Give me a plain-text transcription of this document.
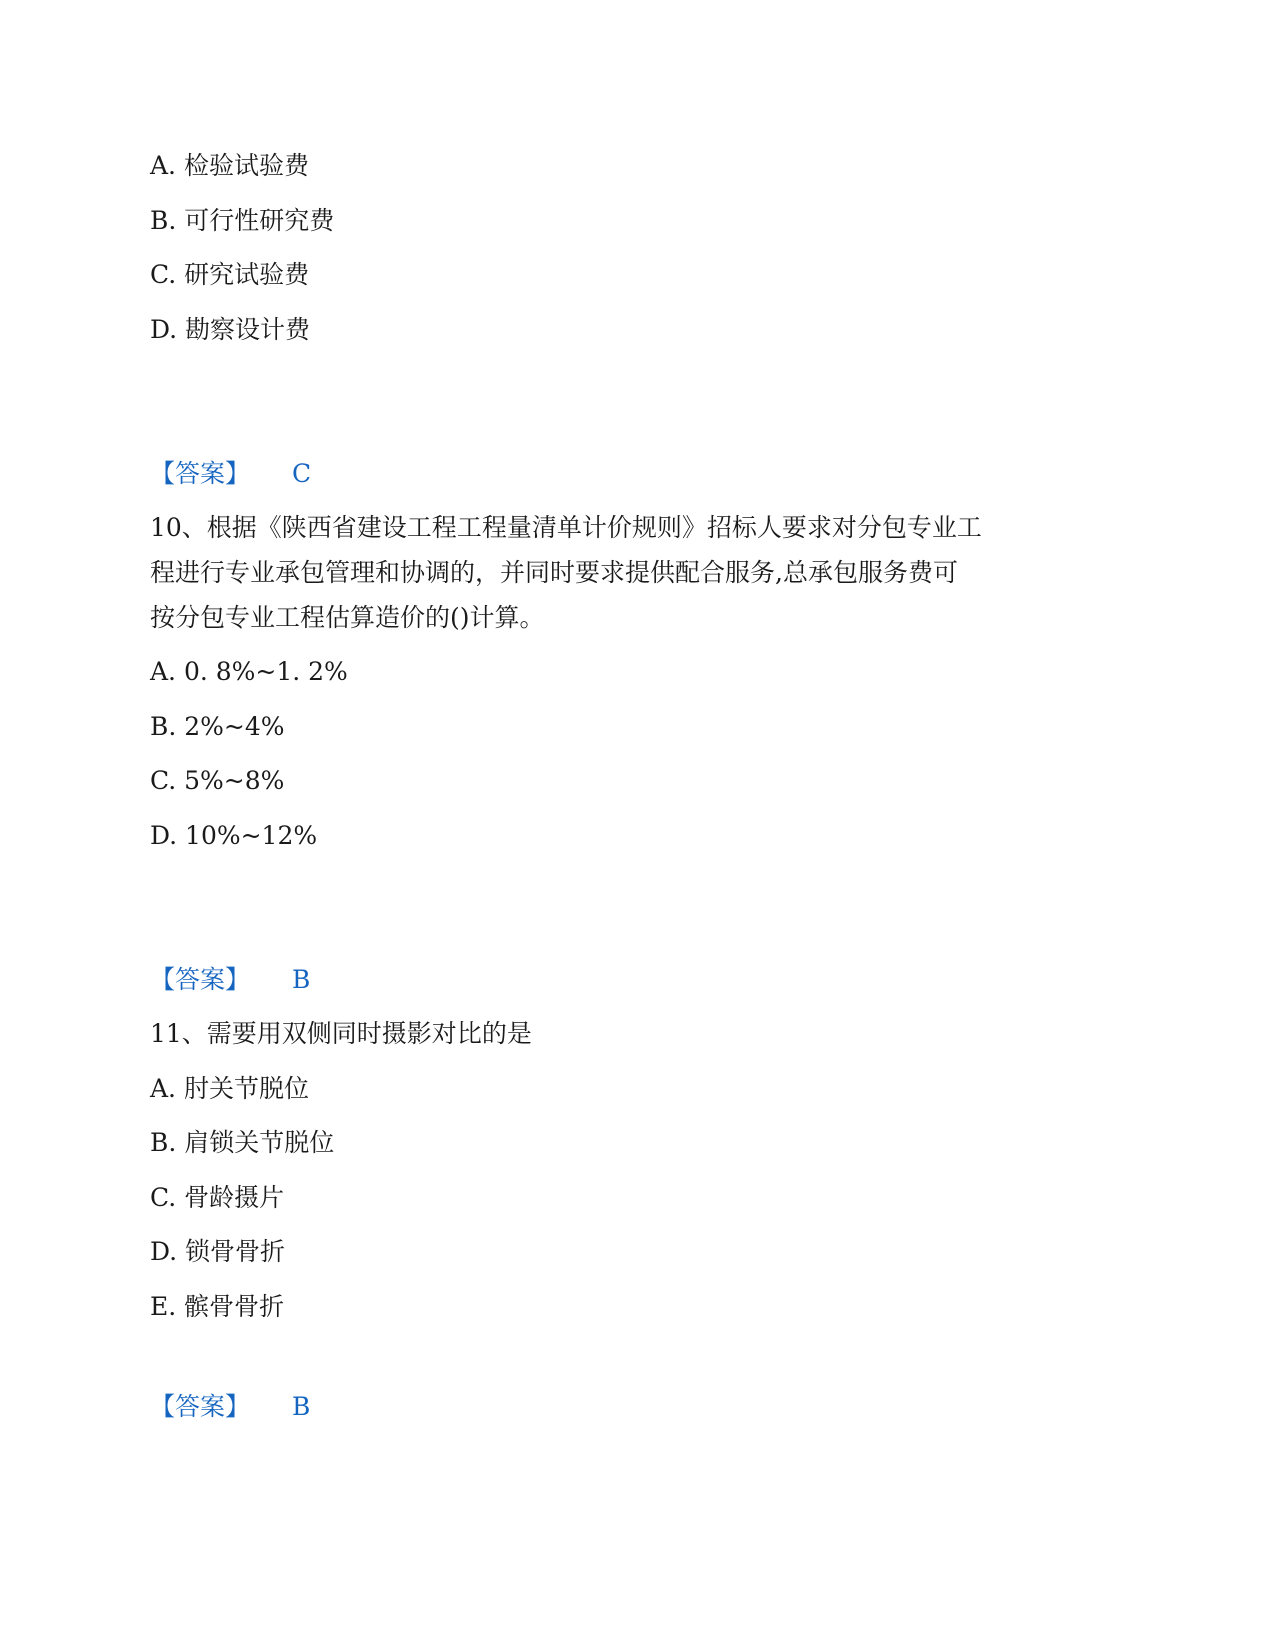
A. 检验试验费
B. 可行性研究费
C. 研究试验费
D. 勘察设计费
【答案】 C
10、根据《陕西省建设工程工程量清单计价规则》招标人要求对分包专业工
程进行专业承包管理和协调的，并同时要求提供配合服务,总承包服务费可
按分包专业工程估算造价的()计算。
A. 0. 8%~1. 2%
B. 2%~4%
C. 5%~8%
D. 10%~12%
【答案】 B
11、需要用双侧同时摄影对比的是
A. 肘关节脱位
B. 肩锁关节脱位
C. 骨龄摄片
D. 锁骨骨折
E. 髌骨骨折
【答案】 B
